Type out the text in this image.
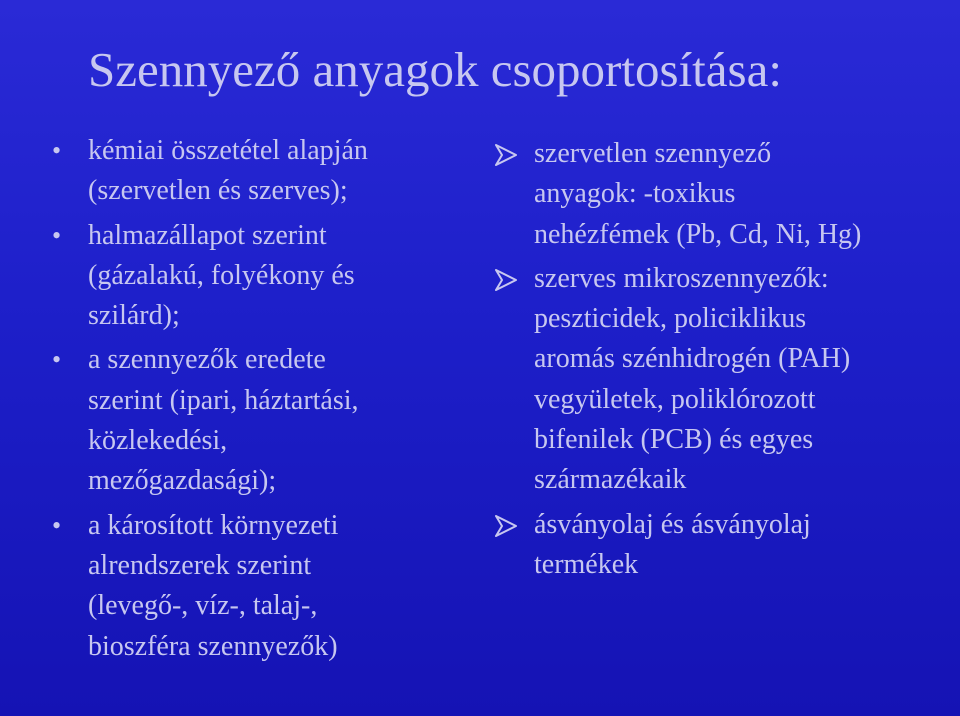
Szennyező anyagok csoportosítása:
• kémiai összetétel alapján
(szervetlen és szerves);
• halmazállapot szerint
(gázalakú, folyékony és
szilárd);
• a szennyezők eredete
szerint (ipari, háztartási,
közlekedési,
mezőgazdasági);
• a károsított környezeti
alrendszerek szerint
(levegő-, víz-, talaj-,
bioszféra szennyezők)
szervetlen szennyező
anyagok: -toxikus
nehézfémek (Pb, Cd, Ni, Hg)
szerves mikroszennyezők:
peszticidek, policiklikus
aromás szénhidrogén (PAH)
vegyületek, poliklórozott
bifenilek (PCB) és egyes
származékaik
ásványolaj és ásványolaj
termékek
